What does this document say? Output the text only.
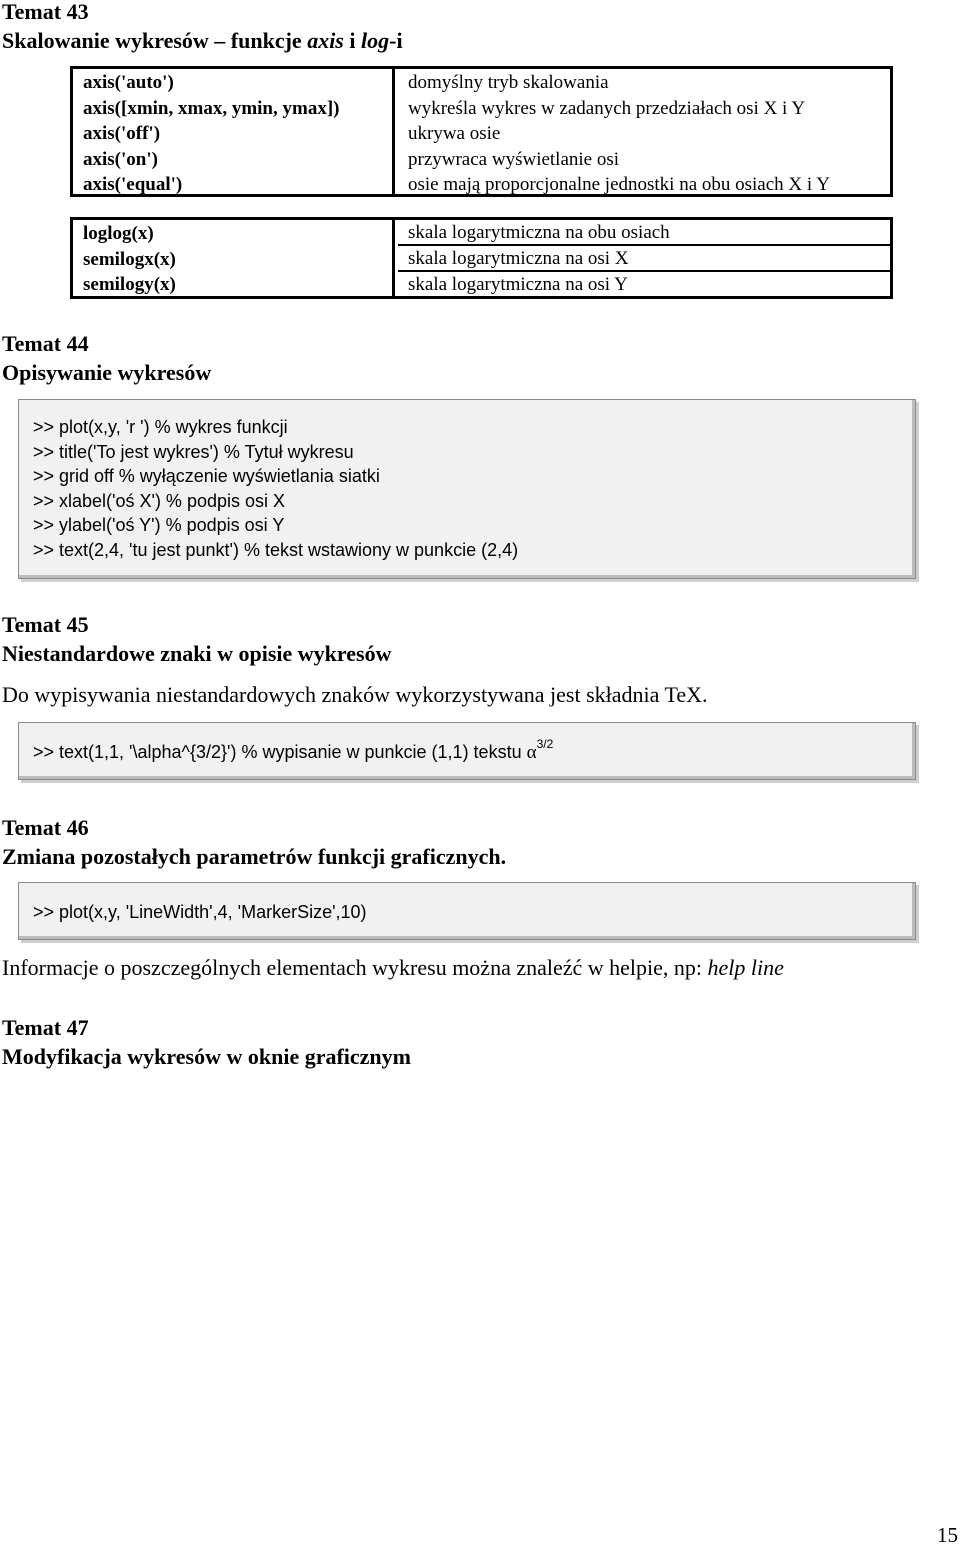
Temat 43
Skalowanie wykresów – funkcje axis i log-i
axis('auto')
axis([xmin, xmax, ymin, ymax])
axis('off')
axis('on')
axis('equal')
domyślny tryb skalowania
wykreśla wykres w zadanych przedziałach osi X i Y
ukrywa osie
przywraca wyświetlanie osi
osie mają proporcjonalne jednostki na obu osiach X i Y
loglog(x)
semilogx(x)
semilogy(x)
skala logarytmiczna na obu osiach
skala logarytmiczna na osi X
skala logarytmiczna na osi Y
Temat 44
Opisywanie wykresów
>> plot(x,y, 'r ') % wykres funkcji
>> title('To jest wykres') % Tytuł wykresu
>> grid off % wyłączenie wyświetlania siatki
>> xlabel('oś X') % podpis osi X
>> ylabel('oś Y') % podpis osi Y
>> text(2,4, 'tu jest punkt') % tekst wstawiony w punkcie (2,4)
Temat 45
Niestandardowe znaki w opisie wykresów
Do wypisywania niestandardowych znaków wykorzystywana jest składnia TeX.
>> text(1,1, '\alpha^{3/2}') % wypisanie w punkcie (1,1) tekstu $\alpha^{3/2}$
Temat 46
Zmiana pozostałych parametrów funkcji graficznych.
>> plot(x,y, 'LineWidth',4, 'MarkerSize',10)
Informacje o poszczególnych elementach wykresu można znaleźć w helpie, np: help line
Temat 47
Modyfikacja wykresów w oknie graficznym
15
